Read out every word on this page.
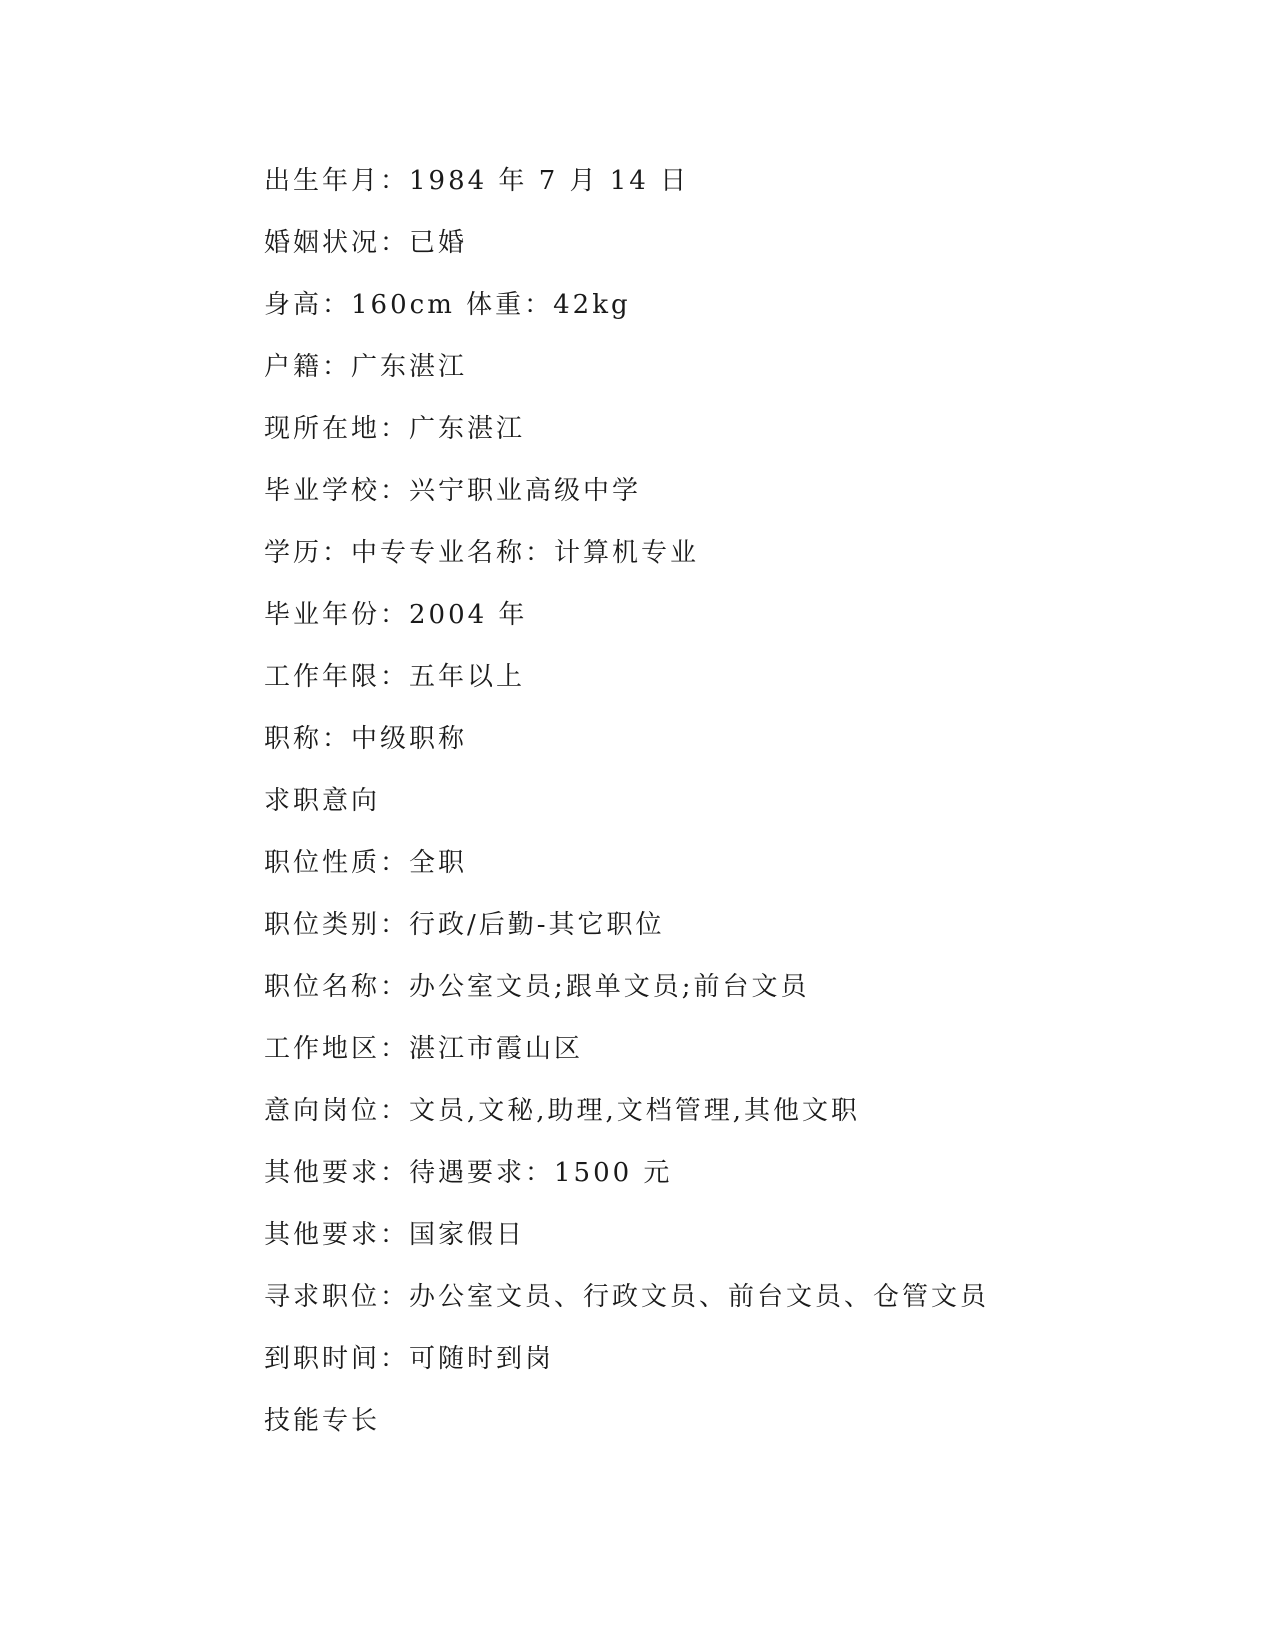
出生年月：1984 年 7 月 14 日
婚姻状况：已婚
身高：160cm 体重：42kg
户籍：广东湛江
现所在地：广东湛江
毕业学校：兴宁职业高级中学
学历：中专专业名称：计算机专业
毕业年份：2004 年
工作年限：五年以上
职称：中级职称
求职意向
职位性质：全职
职位类别：行政/后勤-其它职位
职位名称：办公室文员;跟单文员;前台文员
工作地区：湛江市霞山区
意向岗位：文员,文秘,助理,文档管理,其他文职
其他要求：待遇要求：1500 元
其他要求：国家假日
寻求职位：办公室文员、行政文员、前台文员、仓管文员
到职时间：可随时到岗
技能专长
